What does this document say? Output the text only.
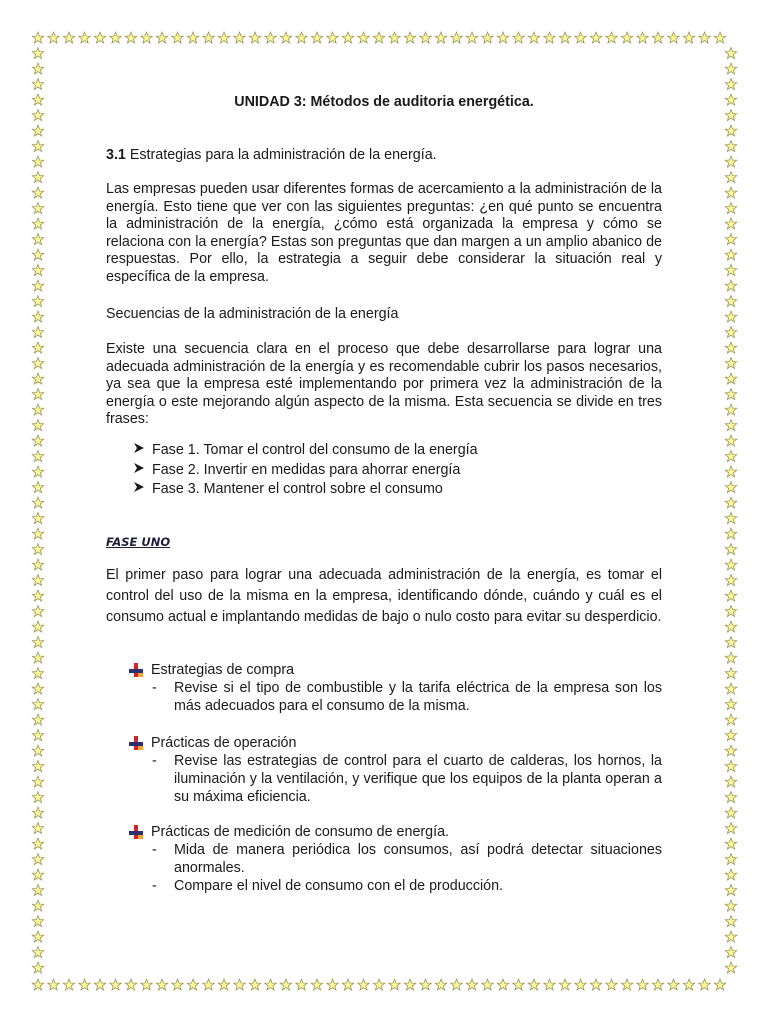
UNIDAD 3: Métodos de auditoria energética.
3.1 Estrategias para la administración de la energía.
Las empresas pueden usar diferentes formas de acercamiento a la administración de la energía. Esto tiene que ver con las siguientes preguntas: ¿en qué punto se encuentra la administración de la energía, ¿cómo está organizada la empresa y cómo se relaciona con la energía? Estas son preguntas que dan margen a un amplio abanico de respuestas. Por ello, la estrategia a seguir debe considerar la situación real y específica de la empresa.
Secuencias de la administración de la energía
Existe una secuencia clara en el proceso que debe desarrollarse para lograr una adecuada administración de la energía y es recomendable cubrir los pasos necesarios, ya sea que la empresa esté implementando por primera vez la administración de la energía o este mejorando algún aspecto de la misma. Esta secuencia se divide en tres frases:
Fase 1. Tomar el control del consumo de la energía
Fase 2. Invertir en medidas para ahorrar energía
Fase 3. Mantener el control sobre el consumo
FASE UNO
El primer paso para lograr una adecuada administración de la energía, es tomar el control del uso de la misma en la empresa, identificando dónde, cuándo y cuál es el consumo actual e implantando medidas de bajo o nulo costo para evitar su desperdicio.
Estrategias de compra
- Revise si el tipo de combustible y la tarifa eléctrica de la empresa son los más adecuados para el consumo de la misma.
Prácticas de operación
- Revise las estrategias de control para el cuarto de calderas, los hornos, la iluminación y la ventilación, y verifique que los equipos de la planta operan a su máxima eficiencia.
Prácticas de medición de consumo de energía.
- Mida de manera periódica los consumos, así podrá detectar situaciones anormales.
- Compare el nivel de consumo con el de producción.
